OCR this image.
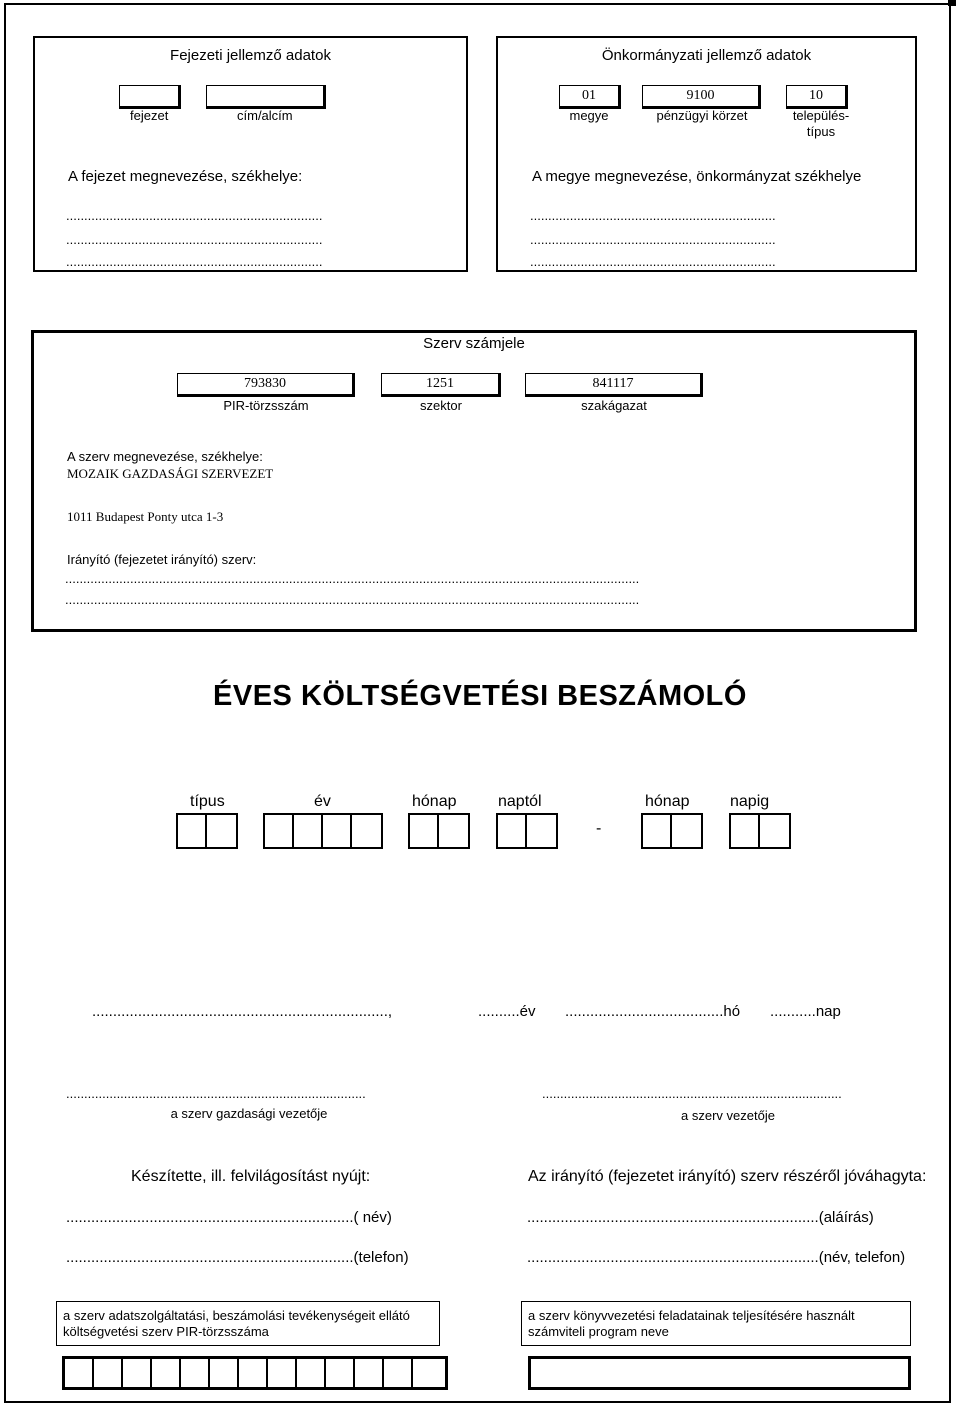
Fejezeti jellemző adatok
fejezet	cím/alcím
A fejezet megnevezése, székhelye:
.......................................................................
.......................................................................
.......................................................................
Önkormányzati jellemző adatok
01	9100	10
megye	pénzügyi körzet	település-
típus
A megye megnevezése, önkormányzat székhelye
....................................................................
....................................................................
....................................................................
Szerv számjele
793830	1251	841117
PIR-törzsszám	szektor	szakágazat
A szerv megnevezése, székhelye:
MOZAIK GAZDASÁGI SZERVEZET
1011 Budapest Ponty utca 1-3
Irányító (fejezetet irányító) szerv:
...............................................................................................................................................................
...............................................................................................................................................................
ÉVES KÖLTSÉGVETÉSI BESZÁMOLÓ
típus	év	hónap	naptól	hónap	napig
-
.......................................................................,	..........év ......................................hó ...........nap
...................................................................................
a szerv gazdasági vezetője
...................................................................................
a szerv vezetője
Készítette, ill. felvilágosítást nyújt:
.....................................................................( név)
.....................................................................(telefon)
Az irányító (fejezetet irányító) szerv részéről jóváhagyta:
......................................................................(aláírás)
......................................................................(név, telefon)
a szerv adatszolgáltatási, beszámolási tevékenységeit ellátó költségvetési szerv PIR-törzsszáma
a szerv könyvvezetési feladatainak teljesítésére használt számviteli program neve
